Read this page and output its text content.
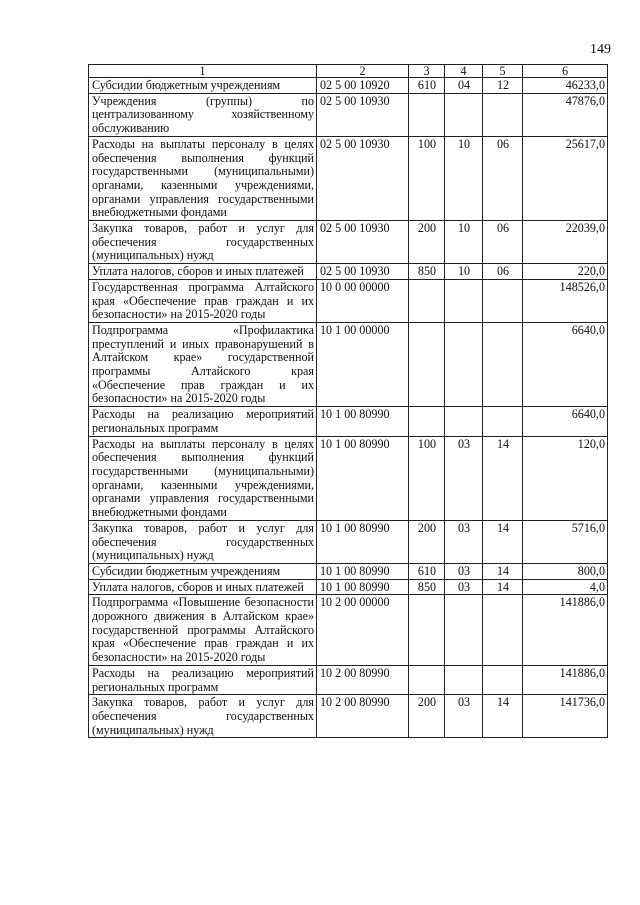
149
1	2	3	4	5	6
Субсидии бюджетным учреждениям	02 5 00 10920	610	04	12	46233,0
Учреждения (группы) по централизованному хозяйственному обслуживанию	02 5 00 10930				47876,0
Расходы на выплаты персоналу в целях обеспечения выполнения функций государственными (муниципальными) органами, казенными учреждениями, органами управления государственными внебюджетными фондами	02 5 00 10930	100	10	06	25617,0
Закупка товаров, работ и услуг для обеспечения государственных (муниципальных) нужд	02 5 00 10930	200	10	06	22039,0
Уплата налогов, сборов и иных платежей	02 5 00 10930	850	10	06	220,0
Государственная программа Алтайского края «Обеспечение прав граждан и их безопасности» на 2015-2020 годы	10 0 00 00000				148526,0
Подпрограмма «Профилактика преступлений и иных правонарушений в Алтайском крае» государственной программы Алтайского края «Обеспечение прав граждан и их безопасности» на 2015-2020 годы	10 1 00 00000				6640,0
Расходы на реализацию мероприятий региональных программ	10 1 00 80990				6640,0
Расходы на выплаты персоналу в целях обеспечения выполнения функций государственными (муниципальными) органами, казенными учреждениями, органами управления государственными внебюджетными фондами	10 1 00 80990	100	03	14	120,0
Закупка товаров, работ и услуг для обеспечения государственных (муниципальных) нужд	10 1 00 80990	200	03	14	5716,0
Субсидии бюджетным учреждениям	10 1 00 80990	610	03	14	800,0
Уплата налогов, сборов и иных платежей	10 1 00 80990	850	03	14	4,0
Подпрограмма «Повышение безопасности дорожного движения в Алтайском крае» государственной программы Алтайского края «Обеспечение прав граждан и их безопасности» на 2015-2020 годы	10 2 00 00000				141886,0
Расходы на реализацию мероприятий региональных программ	10 2 00 80990				141886,0
Закупка товаров, работ и услуг для обеспечения государственных (муниципальных) нужд	10 2 00 80990	200	03	14	141736,0
